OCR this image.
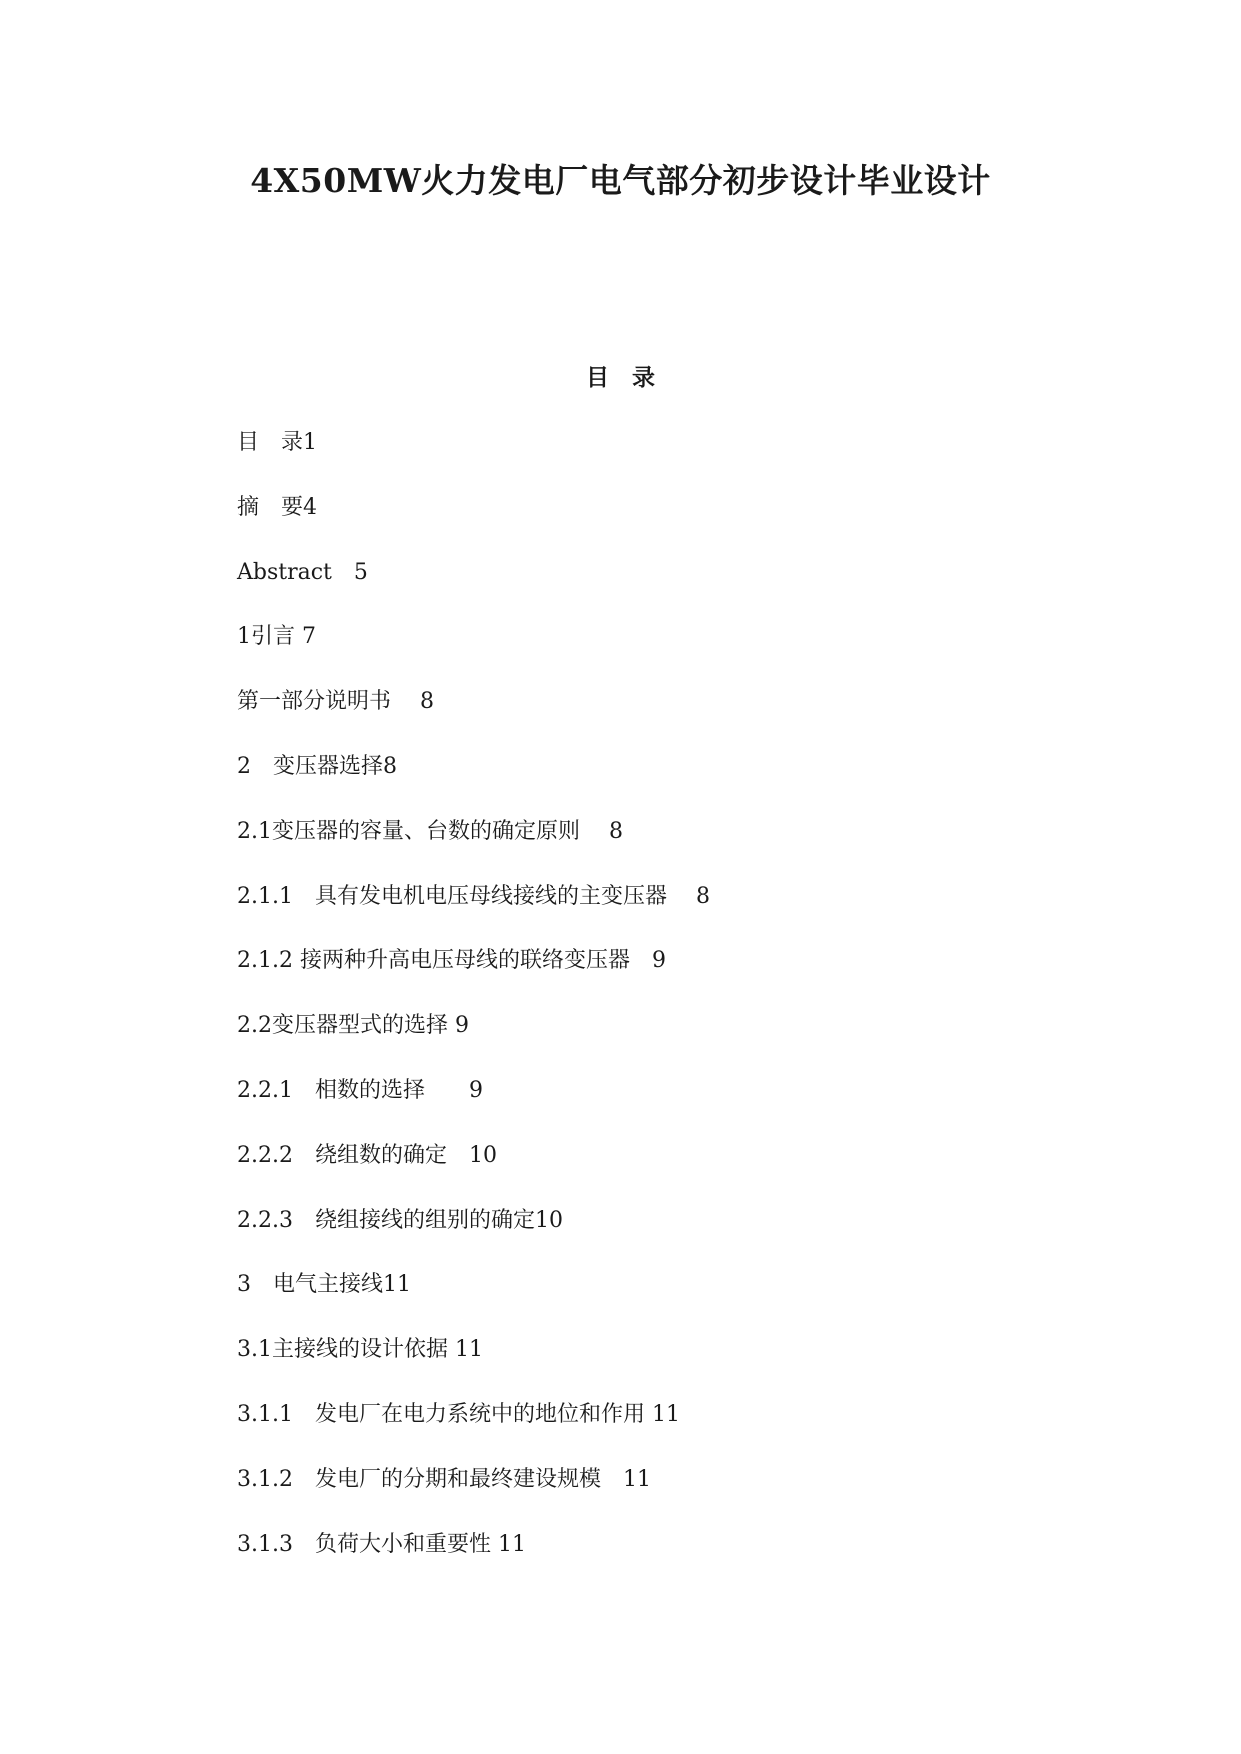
4X50MW火力发电厂电气部分初步设计毕业设计
目　录
目　录1
摘　要4
Abstract　5
1引言 7
第一部分说明书　 8
2　变压器选择8
2.1变压器的容量、台数的确定原则　 8
2.1.1　具有发电机电压母线接线的主变压器　 8
2.1.2 接两种升高电压母线的联络变压器　9
2.2变压器型式的选择 9
2.2.1　相数的选择　　9
2.2.2　绕组数的确定　10
2.2.3　绕组接线的组别的确定10
3　电气主接线11
3.1主接线的设计依据 11
3.1.1　发电厂在电力系统中的地位和作用 11
3.1.2　发电厂的分期和最终建设规模　11
3.1.3　负荷大小和重要性 11
